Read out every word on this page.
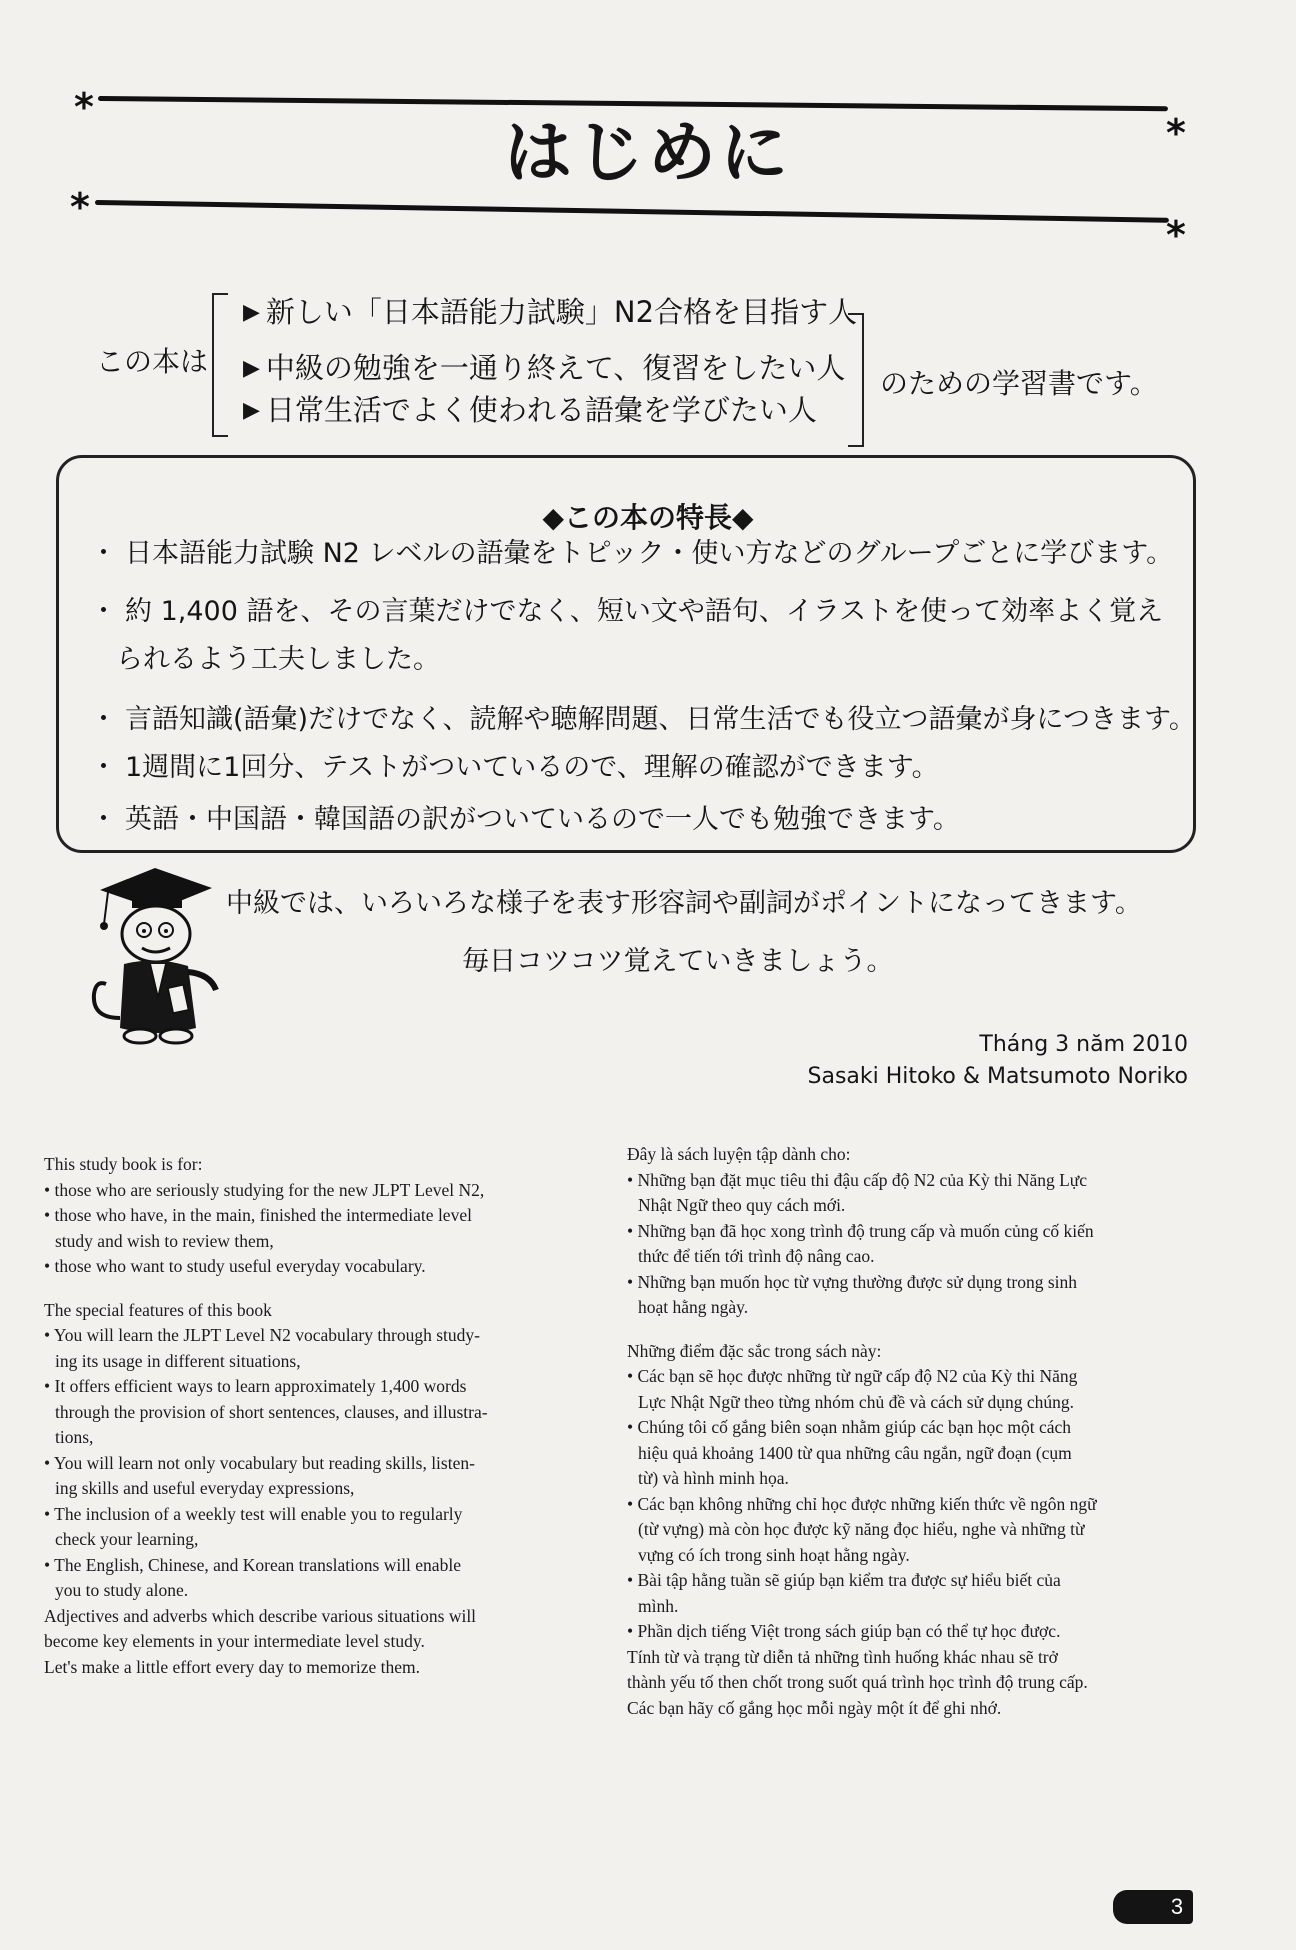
*
*
はじめに
*
*
この本は
▶ 新しい「日本語能力試験」N2合格を目指す人
▶ 中級の勉強を一通り終えて、復習をしたい人
▶ 日常生活でよく使われる語彙を学びたい人
のための学習書です。
◆この本の特長◆
・ 日本語能力試験 N2 レベルの語彙をトピック・使い方などのグループごとに学びます。
・ 約 1,400 語を、その言葉だけでなく、短い文や語句、イラストを使って効率よく覚え
られるよう工夫しました。
・ 言語知識(語彙)だけでなく、読解や聴解問題、日常生活でも役立つ語彙が身につきます。
・ 1週間に1回分、テストがついているので、理解の確認ができます。
・ 英語・中国語・韓国語の訳がついているので一人でも勉強できます。
中級では、いろいろな様子を表す形容詞や副詞がポイントになってきます。
毎日コツコツ覚えていきましょう。
Tháng 3 năm 2010
Sasaki Hitoko & Matsumoto Noriko
This study book is for:
• those who are seriously studying for the new JLPT Level N2,
• those who have, in the main, finished the intermediate level
study and wish to review them,
• those who want to study useful everyday vocabulary.
The special features of this book
• You will learn the JLPT Level N2 vocabulary through study-
ing its usage in different situations,
• It offers efficient ways to learn approximately 1,400 words
through the provision of short sentences, clauses, and illustra-
tions,
• You will learn not only vocabulary but reading skills, listen-
ing skills and useful everyday expressions,
• The inclusion of a weekly test will enable you to regularly
check your learning,
• The English, Chinese, and Korean translations will enable
you to study alone.
Adjectives and adverbs which describe various situations will
become key elements in your intermediate level study.
Let's make a little effort every day to memorize them.
Đây là sách luyện tập dành cho:
• Những bạn đặt mục tiêu thi đậu cấp độ N2 của Kỳ thi Năng Lực
Nhật Ngữ theo quy cách mới.
• Những bạn đã học xong trình độ trung cấp và muốn củng cố kiến
thức để tiến tới trình độ nâng cao.
• Những bạn muốn học từ vựng thường được sử dụng trong sinh
hoạt hằng ngày.
Những điểm đặc sắc trong sách này:
• Các bạn sẽ học được những từ ngữ cấp độ N2 của Kỳ thi Năng
Lực Nhật Ngữ theo từng nhóm chủ đề và cách sử dụng chúng.
• Chúng tôi cố gắng biên soạn nhằm giúp các bạn học một cách
hiệu quả khoảng 1400 từ qua những câu ngắn, ngữ đoạn (cụm
từ) và hình minh họa.
• Các bạn không những chỉ học được những kiến thức về ngôn ngữ
(từ vựng) mà còn học được kỹ năng đọc hiểu, nghe và những từ
vựng có ích trong sinh hoạt hằng ngày.
• Bài tập hằng tuần sẽ giúp bạn kiểm tra được sự hiểu biết của
mình.
• Phần dịch tiếng Việt trong sách giúp bạn có thể tự học được.
Tính từ và trạng từ diễn tả những tình huống khác nhau sẽ trở
thành yếu tố then chốt trong suốt quá trình học trình độ trung cấp.
Các bạn hãy cố gắng học mỗi ngày một ít để ghi nhớ.
3
